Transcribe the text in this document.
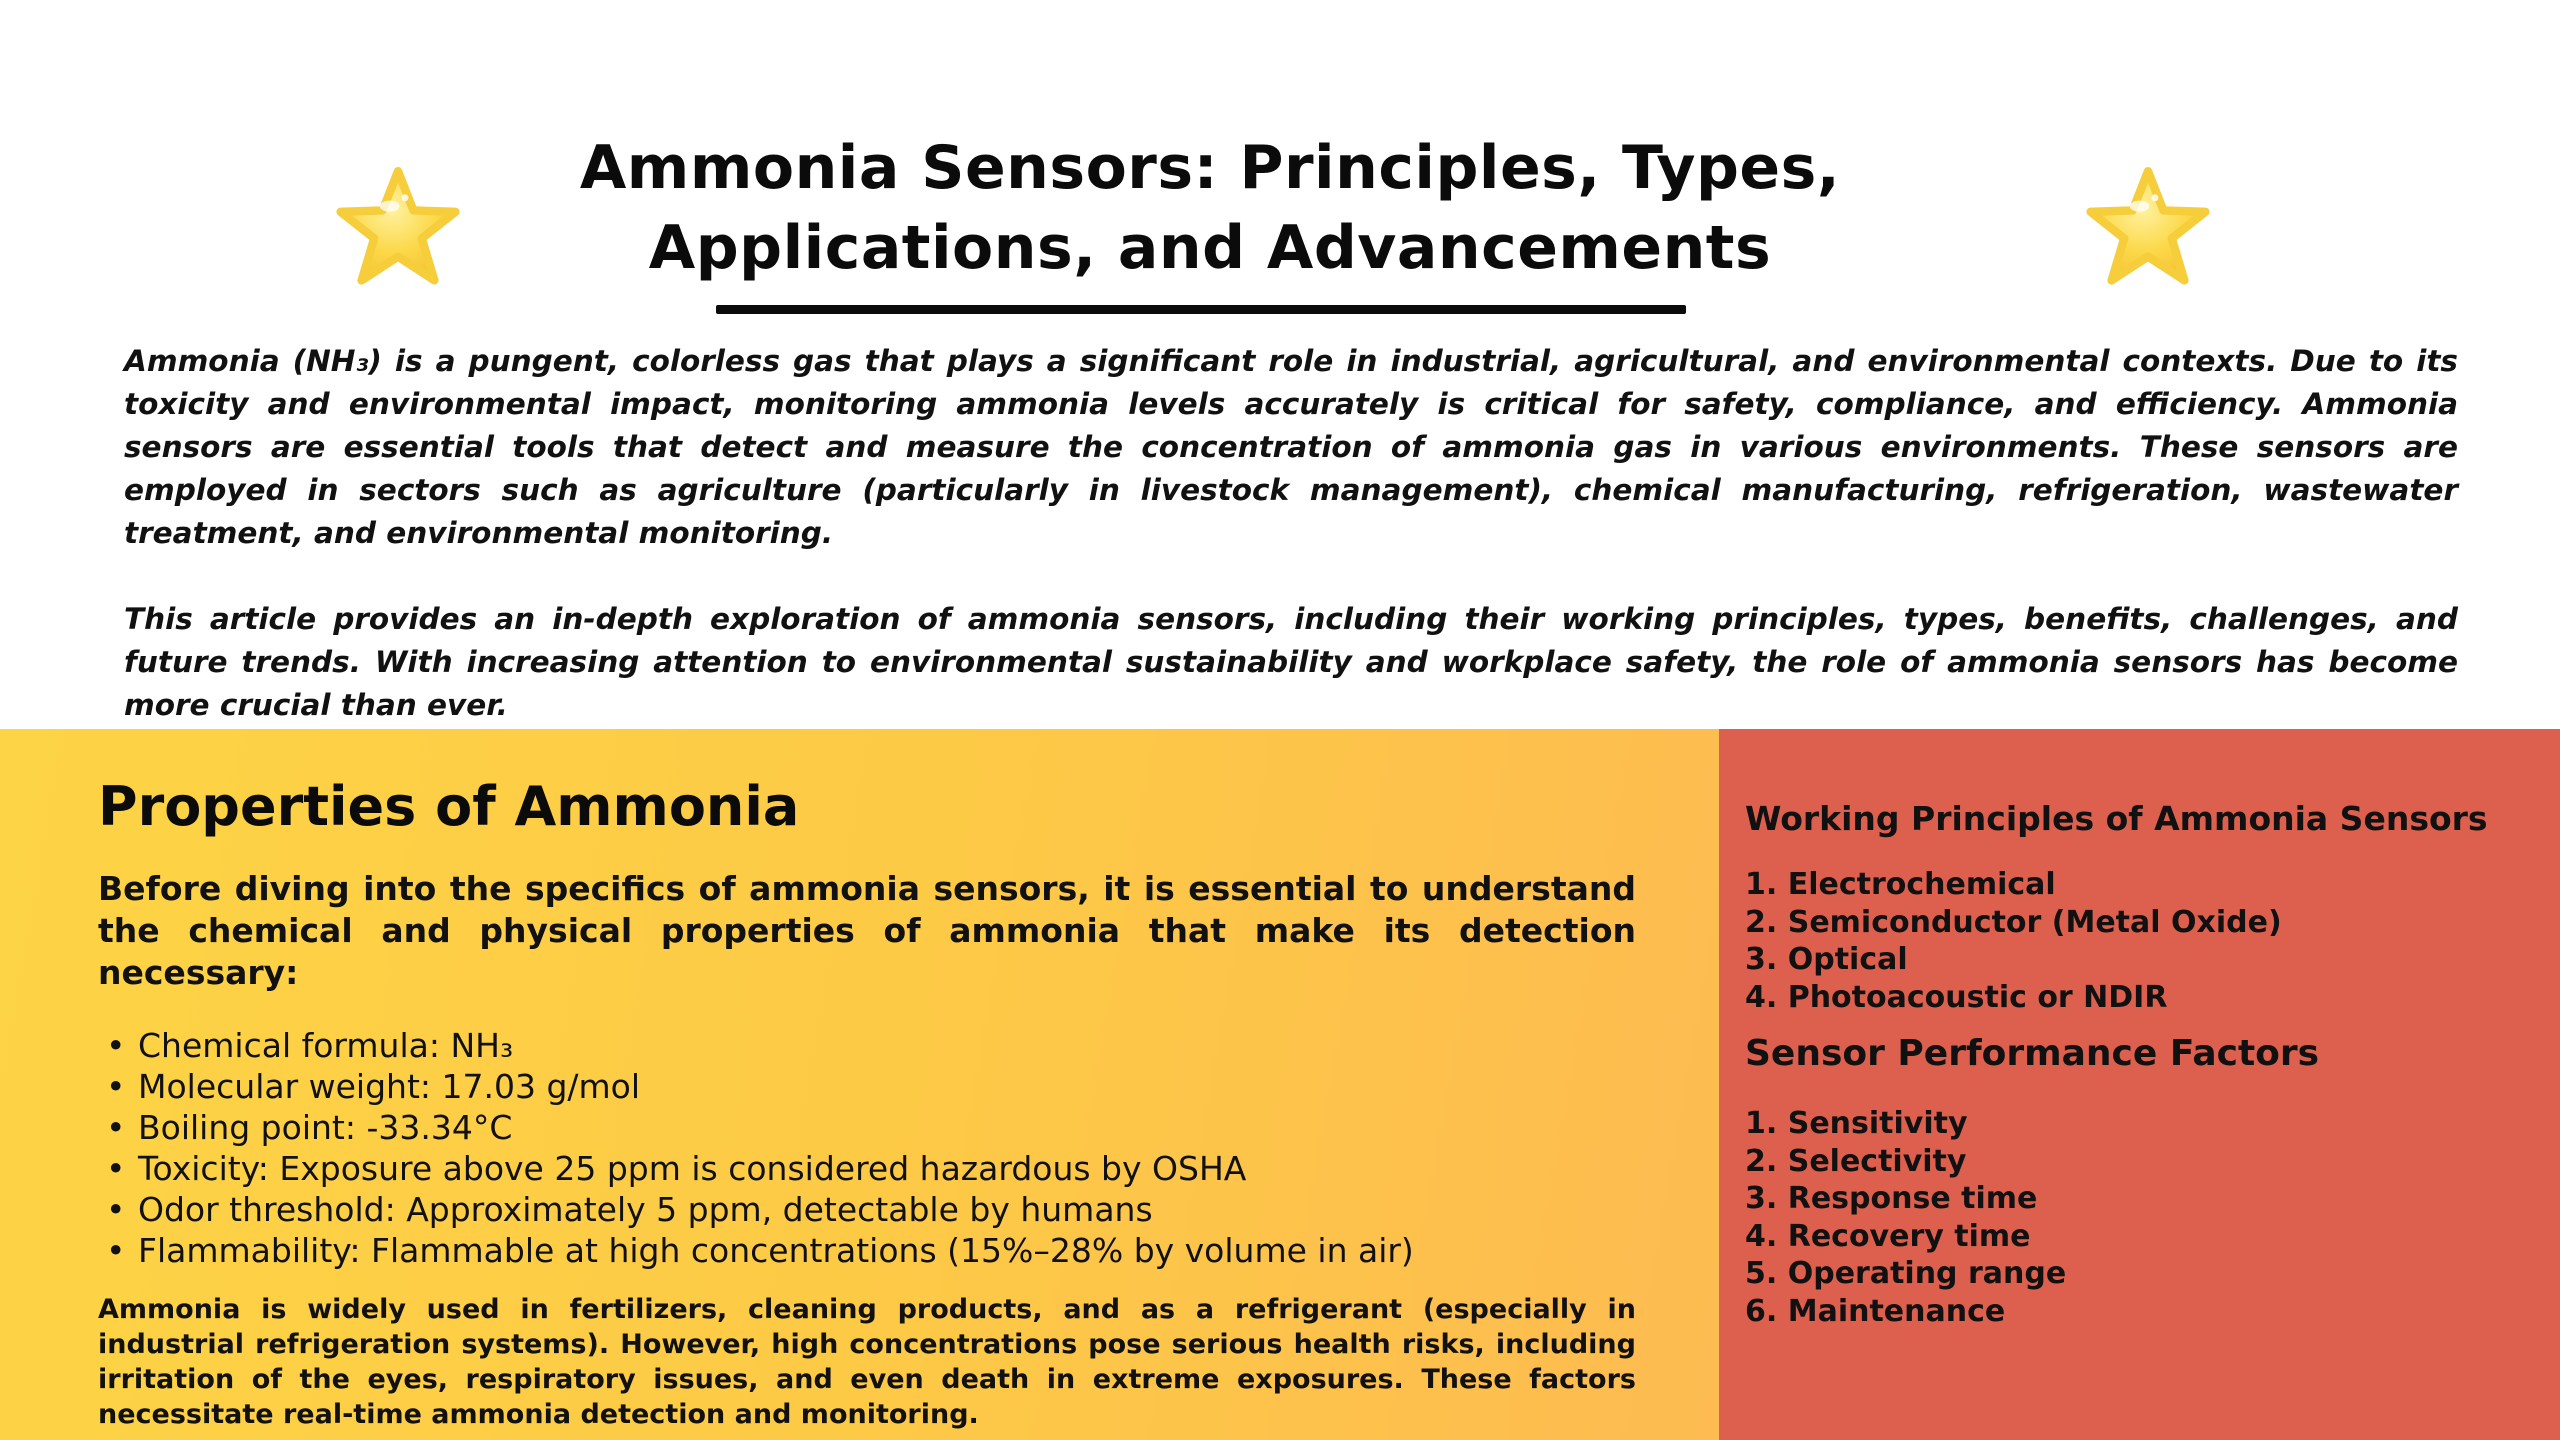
Ammonia Sensors: Principles, Types,
Applications, and Advancements

Ammonia (NH₃) is a pungent, colorless gas that plays a significant role in industrial, agricultural, and environmental contexts. Due to its toxicity and environmental impact, monitoring ammonia levels accurately is critical for safety, compliance, and efficiency. Ammonia sensors are essential tools that detect and measure the concentration of ammonia gas in various environments. These sensors are employed in sectors such as agriculture (particularly in livestock management), chemical manufacturing, refrigeration, wastewater treatment, and environmental monitoring.

This article provides an in-depth exploration of ammonia sensors, including their working principles, types, benefits, challenges, and future trends. With increasing attention to environmental sustainability and workplace safety, the role of ammonia sensors has become more crucial than ever.

Properties of Ammonia

Before diving into the specifics of ammonia sensors, it is essential to understand the chemical and physical properties of ammonia that make its detection necessary:

• Chemical formula: NH₃
• Molecular weight: 17.03 g/mol
• Boiling point: -33.34°C
• Toxicity: Exposure above 25 ppm is considered hazardous by OSHA
• Odor threshold: Approximately 5 ppm, detectable by humans
• Flammability: Flammable at high concentrations (15%–28% by volume in air)

Ammonia is widely used in fertilizers, cleaning products, and as a refrigerant (especially in industrial refrigeration systems). However, high concentrations pose serious health risks, including irritation of the eyes, respiratory issues, and even death in extreme exposures. These factors necessitate real-time ammonia detection and monitoring.

Working Principles of Ammonia Sensors
1. Electrochemical
2. Semiconductor (Metal Oxide)
3. Optical
4. Photoacoustic or NDIR
Sensor Performance Factors
1. Sensitivity
2. Selectivity
3. Response time
4. Recovery time
5. Operating range
6. Maintenance
